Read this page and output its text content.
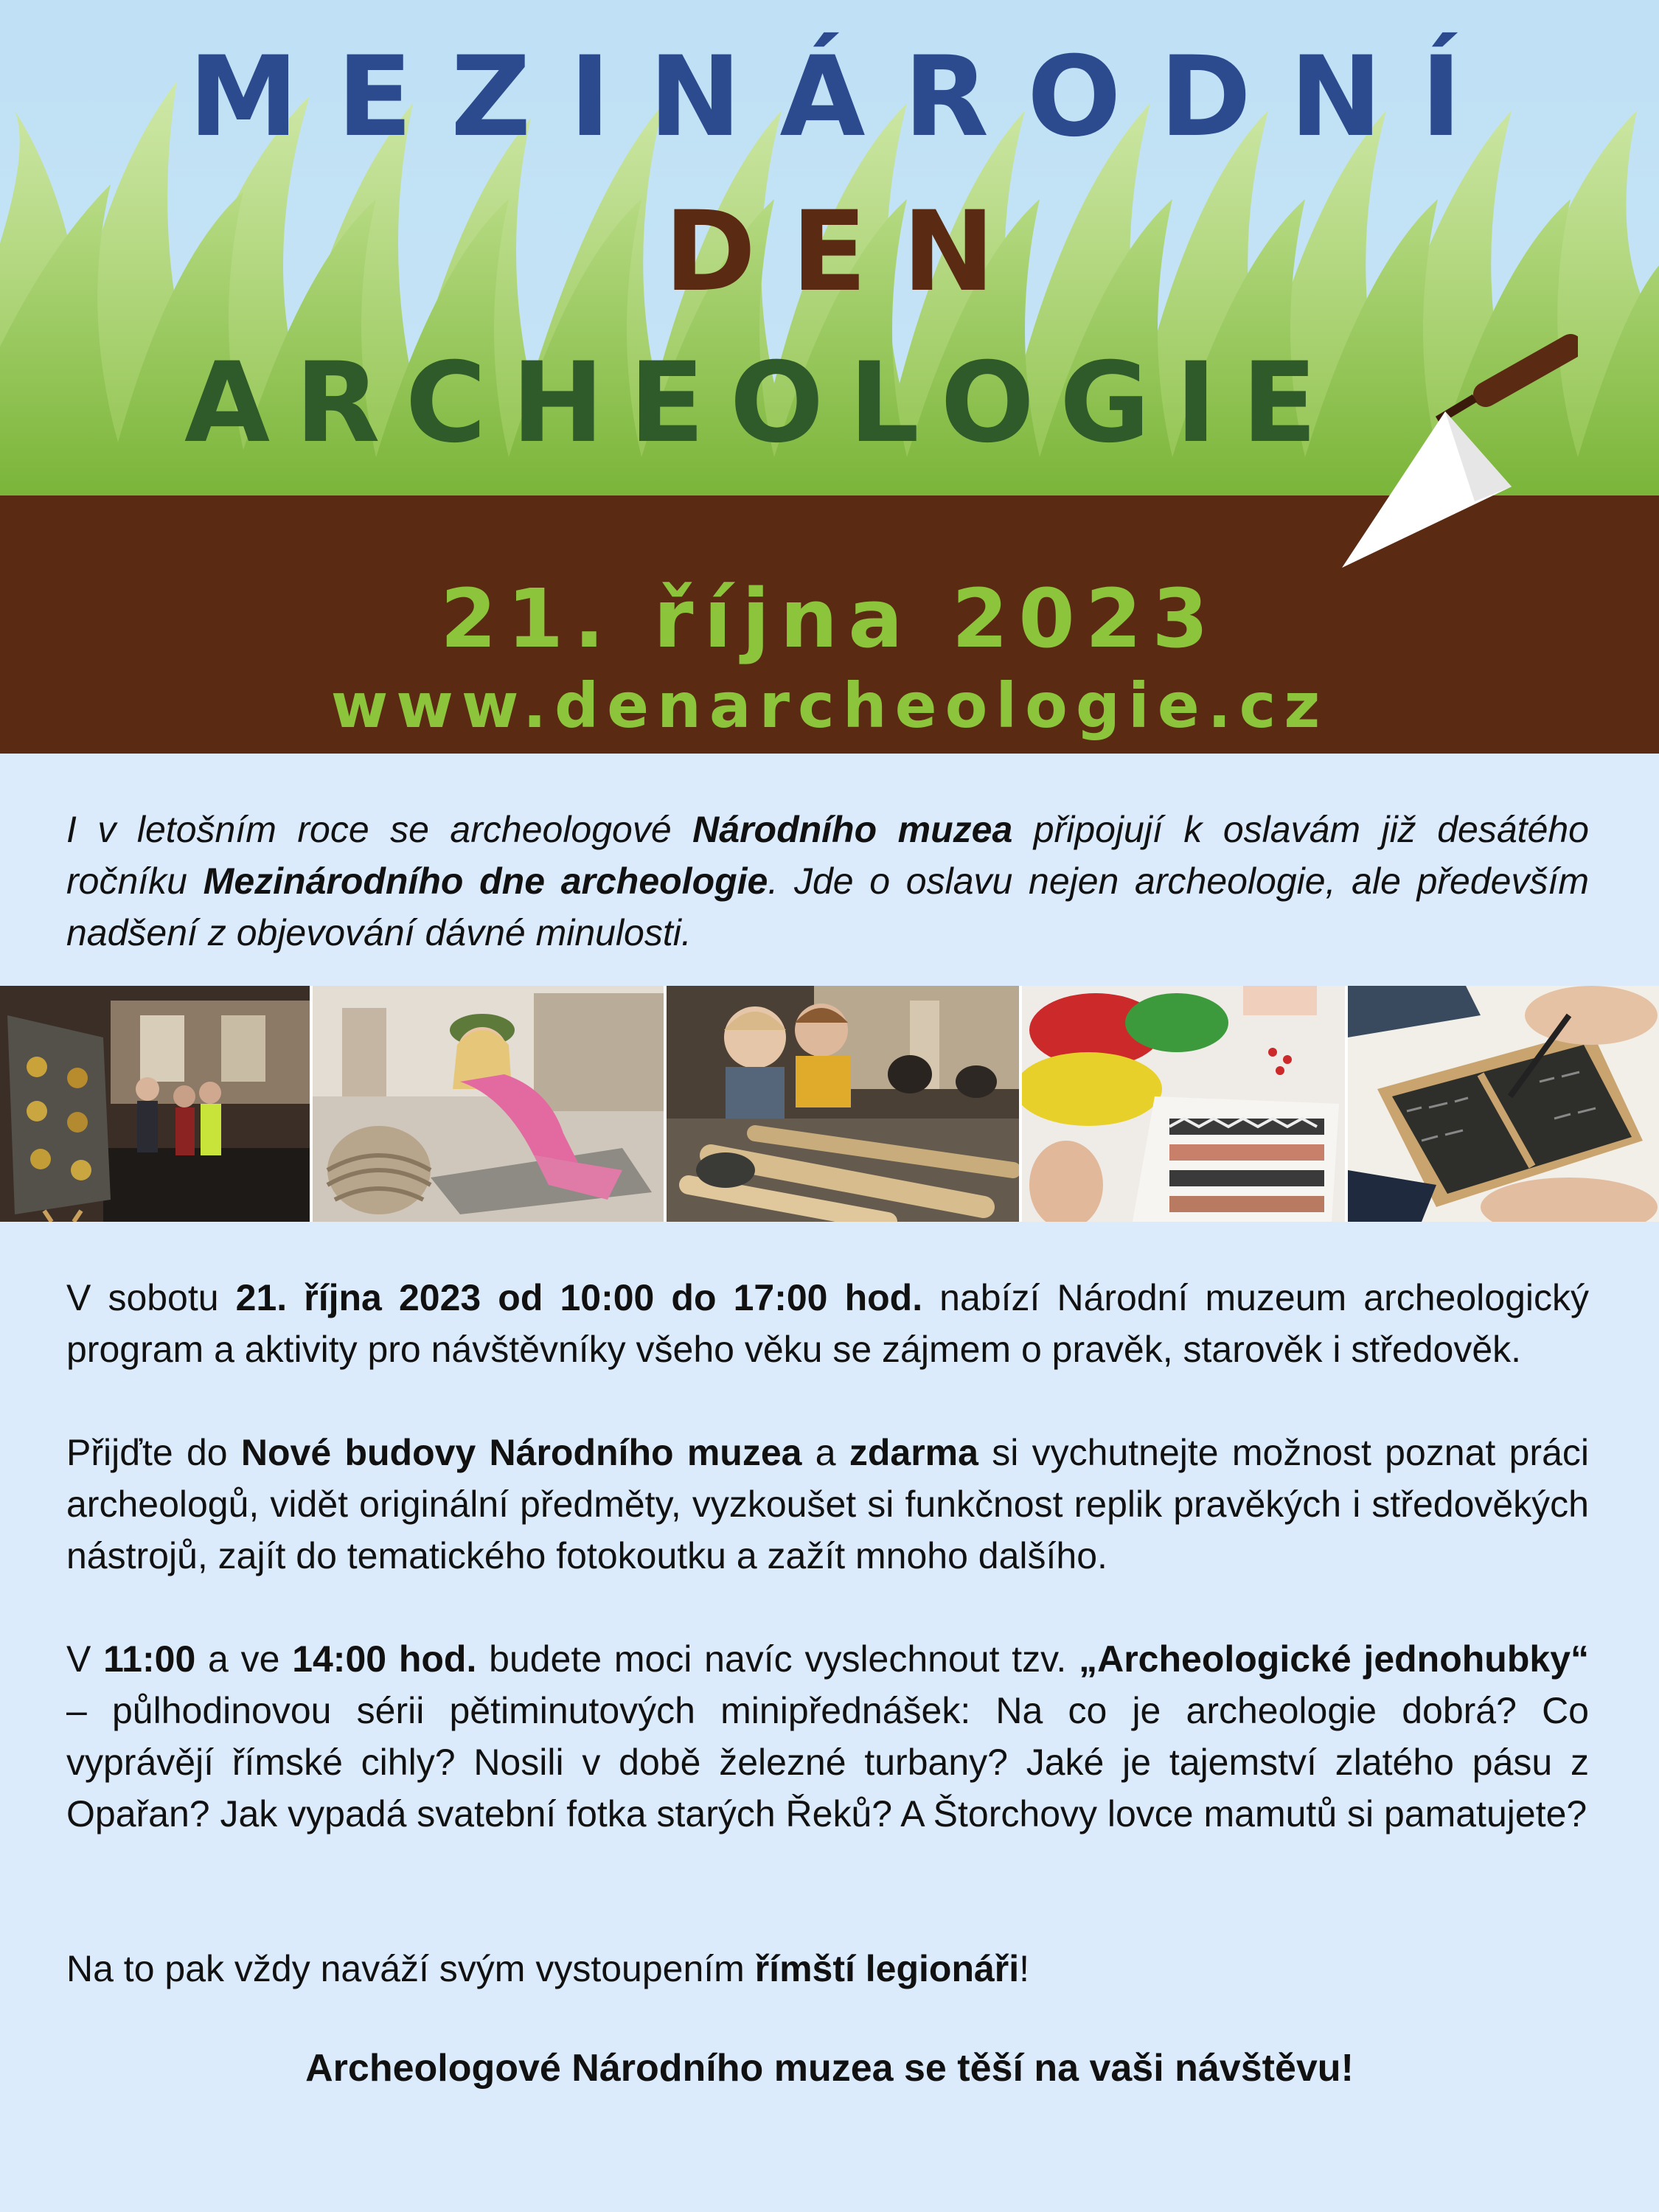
MEZINÁRODNÍ
DEN
ARCHEOLOGIE
21. října 2023
www.denarcheologie.cz
I v letošním roce se archeologové Národního muzea připojují k oslavám již desátého ročníku Mezinárodního dne archeologie. Jde o oslavu nejen archeologie, ale především nadšení z objevování dávné minulosti.
V sobotu 21. října 2023 od 10:00 do 17:00 hod. nabízí Národní muzeum archeologický program a aktivity pro návštěvníky všeho věku se zájmem o pravěk, starověk i středověk.
Přijďte do Nové budovy Národního muzea a zdarma si vychutnejte možnost poznat práci archeologů, vidět originální předměty, vyzkoušet si funkčnost replik pravěkých i středověkých nástrojů, zajít do tematického fotokoutku a zažít mnoho dalšího.
V 11:00 a ve 14:00 hod. budete moci navíc vyslechnout tzv. „Archeologické jednohubky“ – půlhodinovou sérii pětiminutových minipřednášek: Na co je archeologie dobrá? Co vyprávějí římské cihly? Nosili v době železné turbany? Jaké je tajemství zlatého pásu z Opařan? Jak vypadá svatební fotka starých Řeků? A Štorchovy lovce mamutů si pamatujete?
Na to pak vždy naváží svým vystoupením římští legionáři!
Archeologové Národního muzea se těší na vaši návštěvu!
